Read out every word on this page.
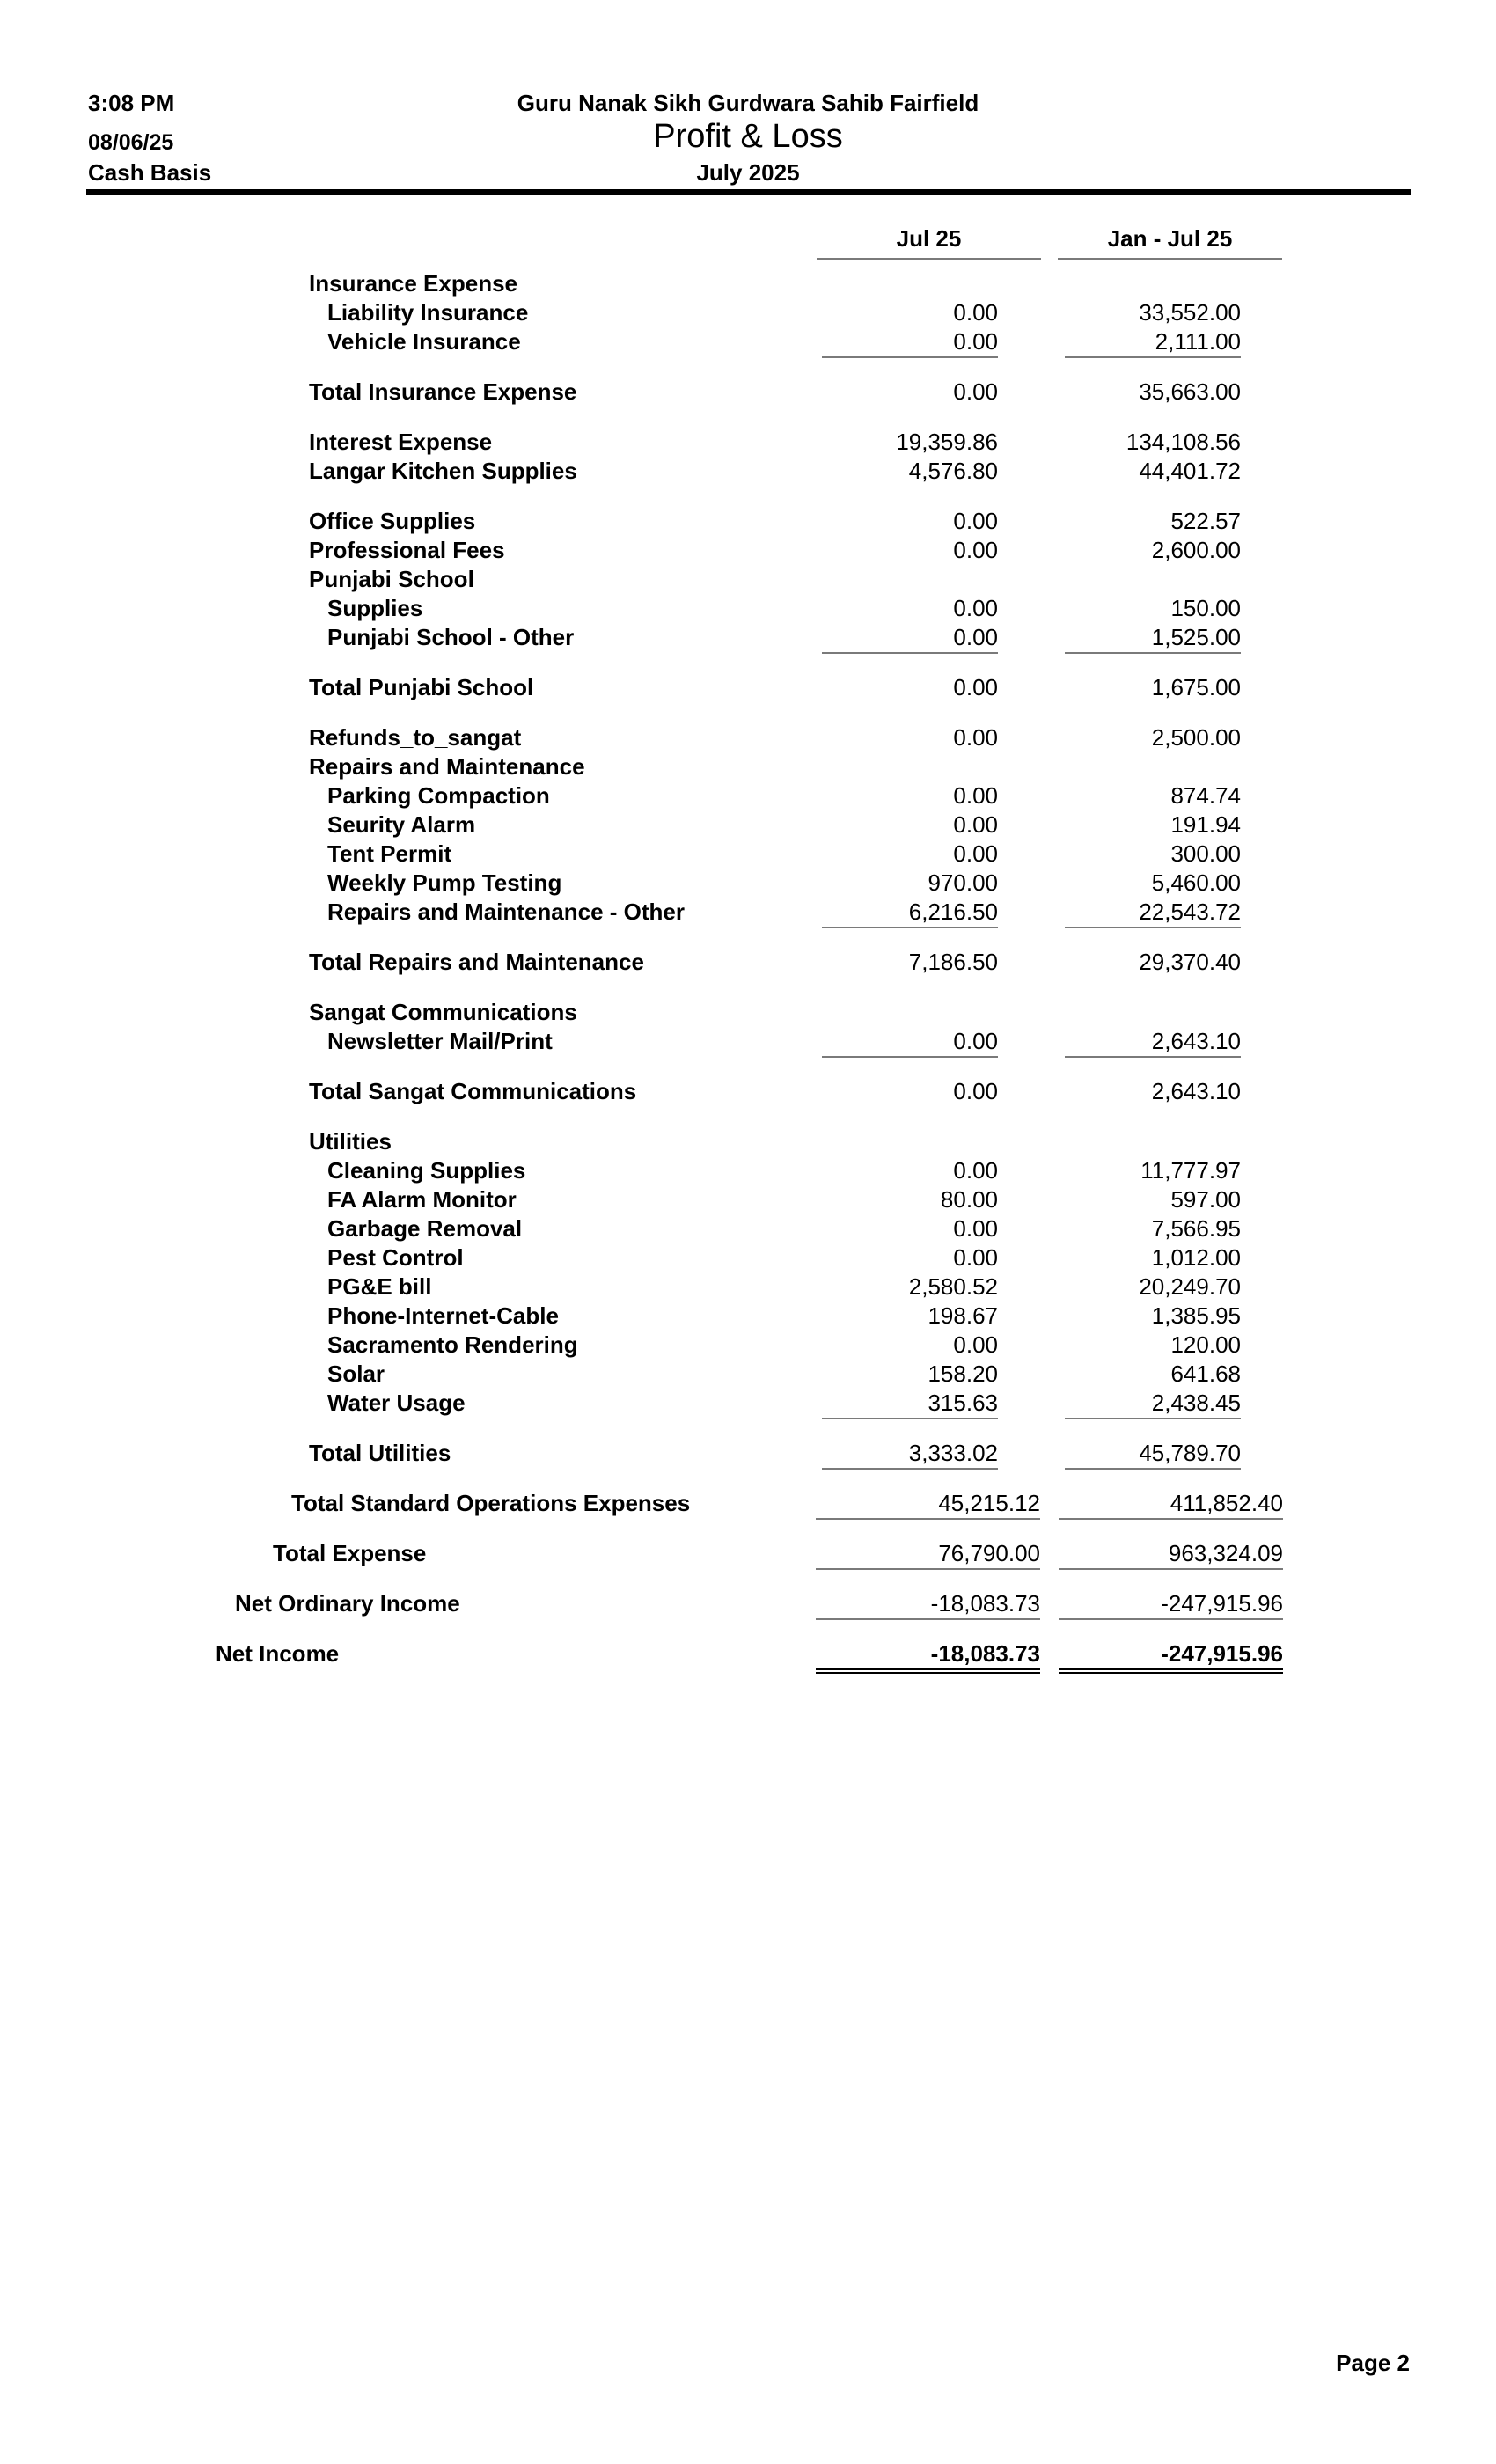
3:08 PM
08/06/25
Cash Basis
Guru Nanak Sikh Gurdwara Sahib Fairfield
Profit & Loss
July 2025
Jul 25	Jan - Jul 25
Insurance Expense
Liability Insurance	0.00	33,552.00
Vehicle Insurance	0.00	2,111.00
Total Insurance Expense	0.00	35,663.00
Interest Expense	19,359.86	134,108.56
Langar Kitchen Supplies	4,576.80	44,401.72
Office Supplies	0.00	522.57
Professional Fees	0.00	2,600.00
Punjabi School
Supplies	0.00	150.00
Punjabi School - Other	0.00	1,525.00
Total Punjabi School	0.00	1,675.00
Refunds_to_sangat	0.00	2,500.00
Repairs and Maintenance
Parking Compaction	0.00	874.74
Seurity Alarm	0.00	191.94
Tent Permit	0.00	300.00
Weekly Pump Testing	970.00	5,460.00
Repairs and Maintenance - Other	6,216.50	22,543.72
Total Repairs and Maintenance	7,186.50	29,370.40
Sangat Communications
Newsletter Mail/Print	0.00	2,643.10
Total Sangat Communications	0.00	2,643.10
Utilities
Cleaning Supplies	0.00	11,777.97
FA Alarm Monitor	80.00	597.00
Garbage Removal	0.00	7,566.95
Pest Control	0.00	1,012.00
PG&E bill	2,580.52	20,249.70
Phone-Internet-Cable	198.67	1,385.95
Sacramento Rendering	0.00	120.00
Solar	158.20	641.68
Water Usage	315.63	2,438.45
Total Utilities	3,333.02	45,789.70
Total Standard Operations Expenses	45,215.12	411,852.40
Total Expense	76,790.00	963,324.09
Net Ordinary Income	-18,083.73	-247,915.96
Net Income	-18,083.73	-247,915.96
Page 2
